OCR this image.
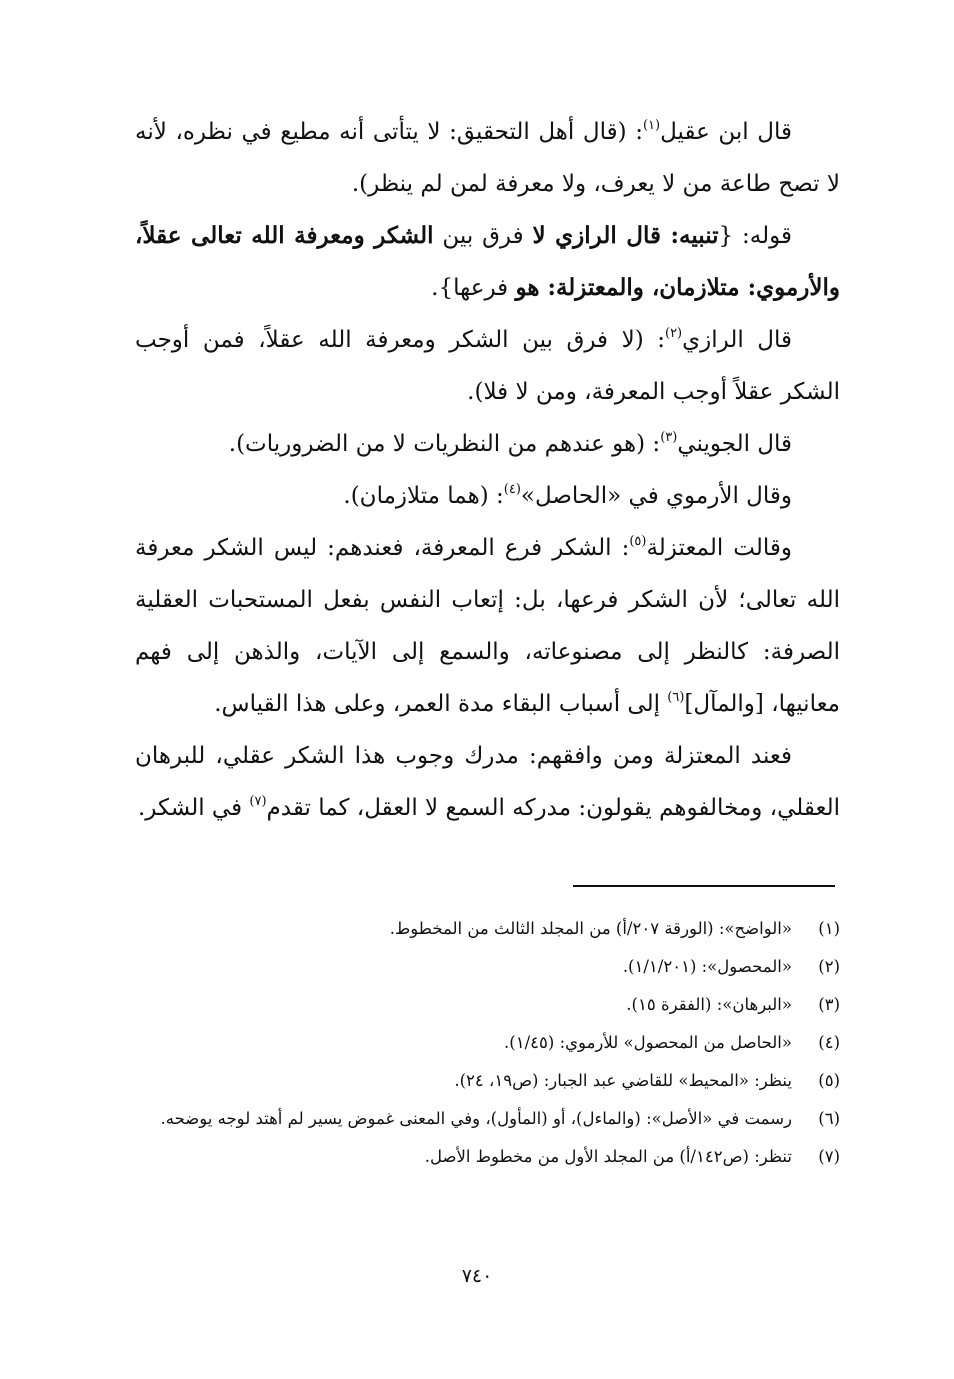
قال ابن عقيل$^{(١)}$: (قال أهل التحقيق: لا يتأتى أنه مطيع في نظره، لأنه لا تصح طاعة من لا يعرف، ولا معرفة لمن لم ينظر).

قوله: {تنبيه: قال الرازي لا فرق بين الشكر ومعرفة الله تعالى عقلاً، والأرموي: متلازمان، والمعتزلة: هو فرعها}.

قال الرازي$^{(٢)}$: (لا فرق بين الشكر ومعرفة الله عقلاً، فمن أوجب الشكر عقلاً أوجب المعرفة، ومن لا فلا).

قال الجويني$^{(٣)}$: (هو عندهم من النظريات لا من الضروريات).

وقال الأرموي في «الحاصل»$^{(٤)}$: (هما متلازمان).

وقالت المعتزلة$^{(٥)}$: الشكر فرع المعرفة، فعندهم: ليس الشكر معرفة الله تعالى؛ لأن الشكر فرعها، بل: إتعاب النفس بفعل المستحبات العقلية الصرفة: كالنظر إلى مصنوعاته، والسمع إلى الآيات، والذهن إلى فهم معانيها، [والمآل]$^{(٦)}$ إلى أسباب البقاء مدة العمر، وعلى هذا القياس.

فعند المعتزلة ومن وافقهم: مدرك وجوب هذا الشكر عقلي، للبرهان العقلي، ومخالفوهم يقولون: مدركه السمع لا العقل، كما تقدم$^{(٧)}$ في الشكر.

(١)
«الواضح»: (الورقة ٢٠٧/أ) من المجلد الثالث من المخطوط.
(٢)
«المحصول»: (١/١/٢٠١).
(٣)
«البرهان»: (الفقرة ١٥).
(٤)
«الحاصل من المحصول» للأرموي: (١/٤٥).
(٥)
ينظر: «المحيط» للقاضي عبد الجبار: (ص١٩، ٢٤).
(٦)
رسمت في «الأصل»: (والماءل)، أو (المأول)، وفي المعنى غموض يسير لم أهتد لوجه يوضحه.
(٧)
تنظر: (ص١٤٢/أ) من المجلد الأول من مخطوط الأصل.
٧٤٠
